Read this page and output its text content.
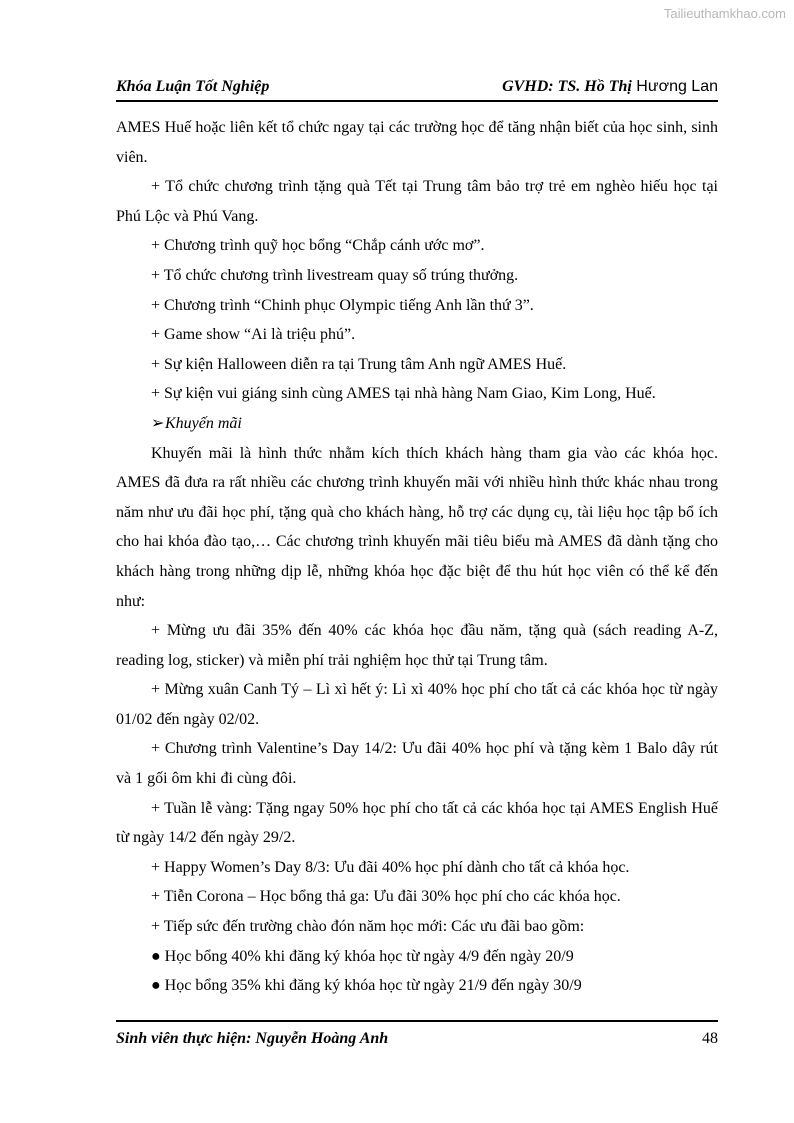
Tailieuthamkhao.com
Khóa Luận Tốt Nghiệp	GVHD: TS. Hồ Thị Hương Lan

AMES Huế hoặc liên kết tổ chức ngay tại các trường học để tăng nhận biết của học sinh, sinh viên.

+ Tổ chức chương trình tặng quà Tết tại Trung tâm bảo trợ trẻ em nghèo hiếu học tại Phú Lộc và Phú Vang.

+ Chương trình quỹ học bổng “Chắp cánh ước mơ”.

+ Tổ chức chương trình livestream quay số trúng thưởng.

+ Chương trình “Chinh phục Olympic tiếng Anh lần thứ 3”.

+ Game show “Ai là triệu phú”.

+ Sự kiện Halloween diễn ra tại Trung tâm Anh ngữ AMES Huế.

+ Sự kiện vui giáng sinh cùng AMES tại nhà hàng Nam Giao, Kim Long, Huế.

➢Khuyến mãi

Khuyến mãi là hình thức nhằm kích thích khách hàng tham gia vào các khóa học. AMES đã đưa ra rất nhiều các chương trình khuyến mãi với nhiều hình thức khác nhau trong năm như ưu đãi học phí, tặng quà cho khách hàng, hỗ trợ các dụng cụ, tài liệu học tập bổ ích cho hai khóa đào tạo,… Các chương trình khuyến mãi tiêu biểu mà AMES đã dành tặng cho khách hàng trong những dịp lễ, những khóa học đặc biệt để thu hút học viên có thể kể đến như:

+ Mừng ưu đãi 35% đến 40% các khóa học đầu năm, tặng quà (sách reading A-Z, reading log, sticker) và miễn phí trải nghiệm học thử tại Trung tâm.

+ Mừng xuân Canh Tý – Lì xì hết ý: Lì xì 40% học phí cho tất cả các khóa học từ ngày 01/02 đến ngày 02/02.

+ Chương trình Valentine’s Day 14/2: Ưu đãi 40% học phí và tặng kèm 1 Balo dây rút và 1 gối ôm khi đi cùng đôi.

+ Tuần lễ vàng: Tặng ngay 50% học phí cho tất cả các khóa học tại AMES English Huế từ ngày 14/2 đến ngày 29/2.

+ Happy Women’s Day 8/3: Ưu đãi 40% học phí dành cho tất cả khóa học.

+ Tiễn Corona – Học bổng thả ga: Ưu đãi 30% học phí cho các khóa học.

+ Tiếp sức đến trường chào đón năm học mới: Các ưu đãi bao gồm:

● Học bổng 40% khi đăng ký khóa học từ ngày 4/9 đến ngày 20/9

● Học bổng 35% khi đăng ký khóa học từ ngày 21/9 đến ngày 30/9

Sinh viên thực hiện: Nguyễn Hoàng Anh	48
